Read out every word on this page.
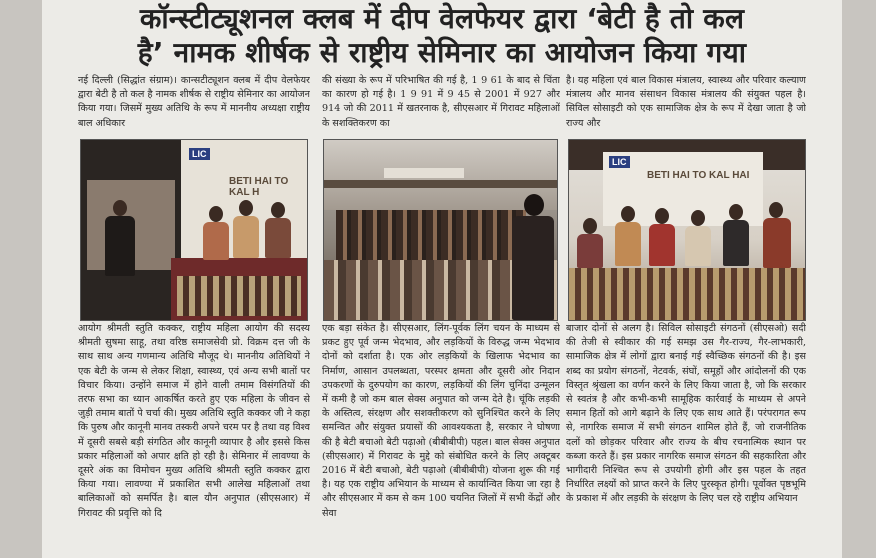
कॉन्स्टीट्यूशनल क्लब में दीप वेलफेयर द्वारा ‘बेटी है तो कल
है’ नामक शीर्षक से राष्ट्रीय सेमिनार का आयोजन किया गया
नई दिल्ली (सिद्धांत संग्राम)। कान्सटीट्यूशन क्लब में दीप वेलफेयर द्वारा बेटी है तो कल है नामक शीर्षक से राष्ट्रीय सेमिनार का आयोजन किया गया। जिसमें मुख्य अतिथि के रूप में माननीय अध्यक्षा राष्ट्रीय बाल अधिकार
की संख्या के रूप में परिभाषित की गई है, 1 9 61 के बाद से चिंता का कारण हो गई है। 1 9 91 में 9 45 से 2001 में 927 और 914 जो की 2011 में खतरनाक है, सीएसआर में गिरावट महिलाओं के सशक्तिकरण का
है। यह महिला एवं बाल विकास मंत्रालय, स्वास्थ्य और परिवार कल्याण मंत्रालय और मानव संसाधन विकास मंत्रालय की संयुक्त पहल है। सिविल सोसाइटी को एक सामाजिक क्षेत्र के रूप में देखा जाता है जो राज्य और
LIC
BETI HAI TO KAL H
LIC
BETI HAI TO KAL HAI
आयोग श्रीमती स्तुति कक्कर, राष्ट्रीय महिला आयोग की सदस्य श्रीमती सुषमा साहू, तथा वरिष्ठ समाजसेवी प्रो. विक्रम दत्त जी के साथ साथ अन्य गणमान्य अतिथि मौजूद थे। माननीय अतिथियों ने एक बेटी के जन्म से लेकर शिक्षा, स्वास्थ्य, एवं अन्य सभी बातों पर विचार किया। उन्होंने समाज में होने वाली तमाम विसंगतियों की तरफ सभा का ध्यान आकर्षित करते हुए एक महिला के जीवन से जुड़ी तमाम बातों पे चर्चा की। मुख्य अतिथि स्तुति कक्कर जी ने कहा कि पुरुष और कानूनी मानव तस्करी अपने चरम पर है तथा वह विश्व में दूसरी सबसे बड़ी संगठित और कानूनी व्यापार है और इससे किस प्रकार महिलाओं को अपार क्षति हो रही है। सेमिनार में लावण्या के दूसरे अंक का विमोचन मुख्य अतिथि श्रीमती स्तुति कक्कर द्वारा किया गया। लावण्या में प्रकाशित सभी आलेख महिलाओं तथा बालिकाओं को समर्पित है। बाल यौन अनुपात (सीएसआर) में गिरावट की प्रवृत्ति को दि
एक बड़ा संकेत है। सीएसआर, लिंग-पूर्वक लिंग चयन के माध्यम से प्रकट हुए पूर्व जन्म भेदभाव, और लड़कियों के विरुद्ध जन्म भेदभाव दोनों को दर्शाता है। एक ओर लड़कियों के खिलाफ भेदभाव का निर्माण, आसान उपलब्धता, परस्पर क्षमता और दूसरी ओर निदान उपकरणों के दुरुपयोग का कारण, लड़कियों की लिंग चुनिंदा उन्मूलन में कमी है जो कम बाल सेक्स अनुपात को जन्म देते है। चूंकि लड़की के अस्तित्व, संरक्षण और सशक्तीकरण को सुनिश्चित करने के लिए समन्वित और संयुक्त प्रयासों की आवश्यकता है, सरकार ने घोषणा की है बेटी बचाओ बेटी पढ़ाओ (बीबीबीपी) पहल। बाल सेक्स अनुपात (सीएसआर) में गिरावट के मुद्दे को संबोधित करने के लिए अक्टूबर 2016 में बेटी बचाओ, बेटी पढ़ाओ (बीबीबीपी) योजना शुरू की गई है। यह एक राष्ट्रीय अभियान के माध्यम से कार्यान्वित किया जा रहा है और सीएसआर में कम से कम 100 चयनित जिलों में सभी केंद्रों और सेवा
बाजार दोनों से अलग है। सिविल सोसाइटी संगठनों (सीएसओ) सदी की तेजी से स्वीकार की गई समझ उस गैर-राज्य, गैर-लाभकारी, सामाजिक क्षेत्र में लोगों द्वारा बनाई गई स्वैच्छिक संगठनों की है। इस शब्द का प्रयोग संगठनों, नेटवर्क, संघों, समूहों और आंदोलनों की एक विस्तृत श्रृंखला का वर्णन करने के लिए किया जाता है, जो कि सरकार से स्वतंत्र है और कभी-कभी सामूहिक कार्रवाई के माध्यम से अपने समान हितों को आगे बढ़ाने के लिए एक साथ आते हैं। परंपरागत रूप से, नागरिक समाज में सभी संगठन शामिल होते हैं, जो राजनीतिक दलों को छोड़कर परिवार और राज्य के बीच रचनात्मिक स्थान पर कब्जा करते हैं। इस प्रकार नागरिक समाज संगठन की सहकारिता और भागीदारी निश्चित रूप से उपयोगी होगी और इस पहल के तहत निर्धारित लक्ष्यों को प्राप्त करने के लिए पुरस्कृत होगी। पूर्वोक्त पृष्ठभूमि के प्रकाश में और लड़की के संरक्षण के लिए चल रहे राष्ट्रीय अभियान
